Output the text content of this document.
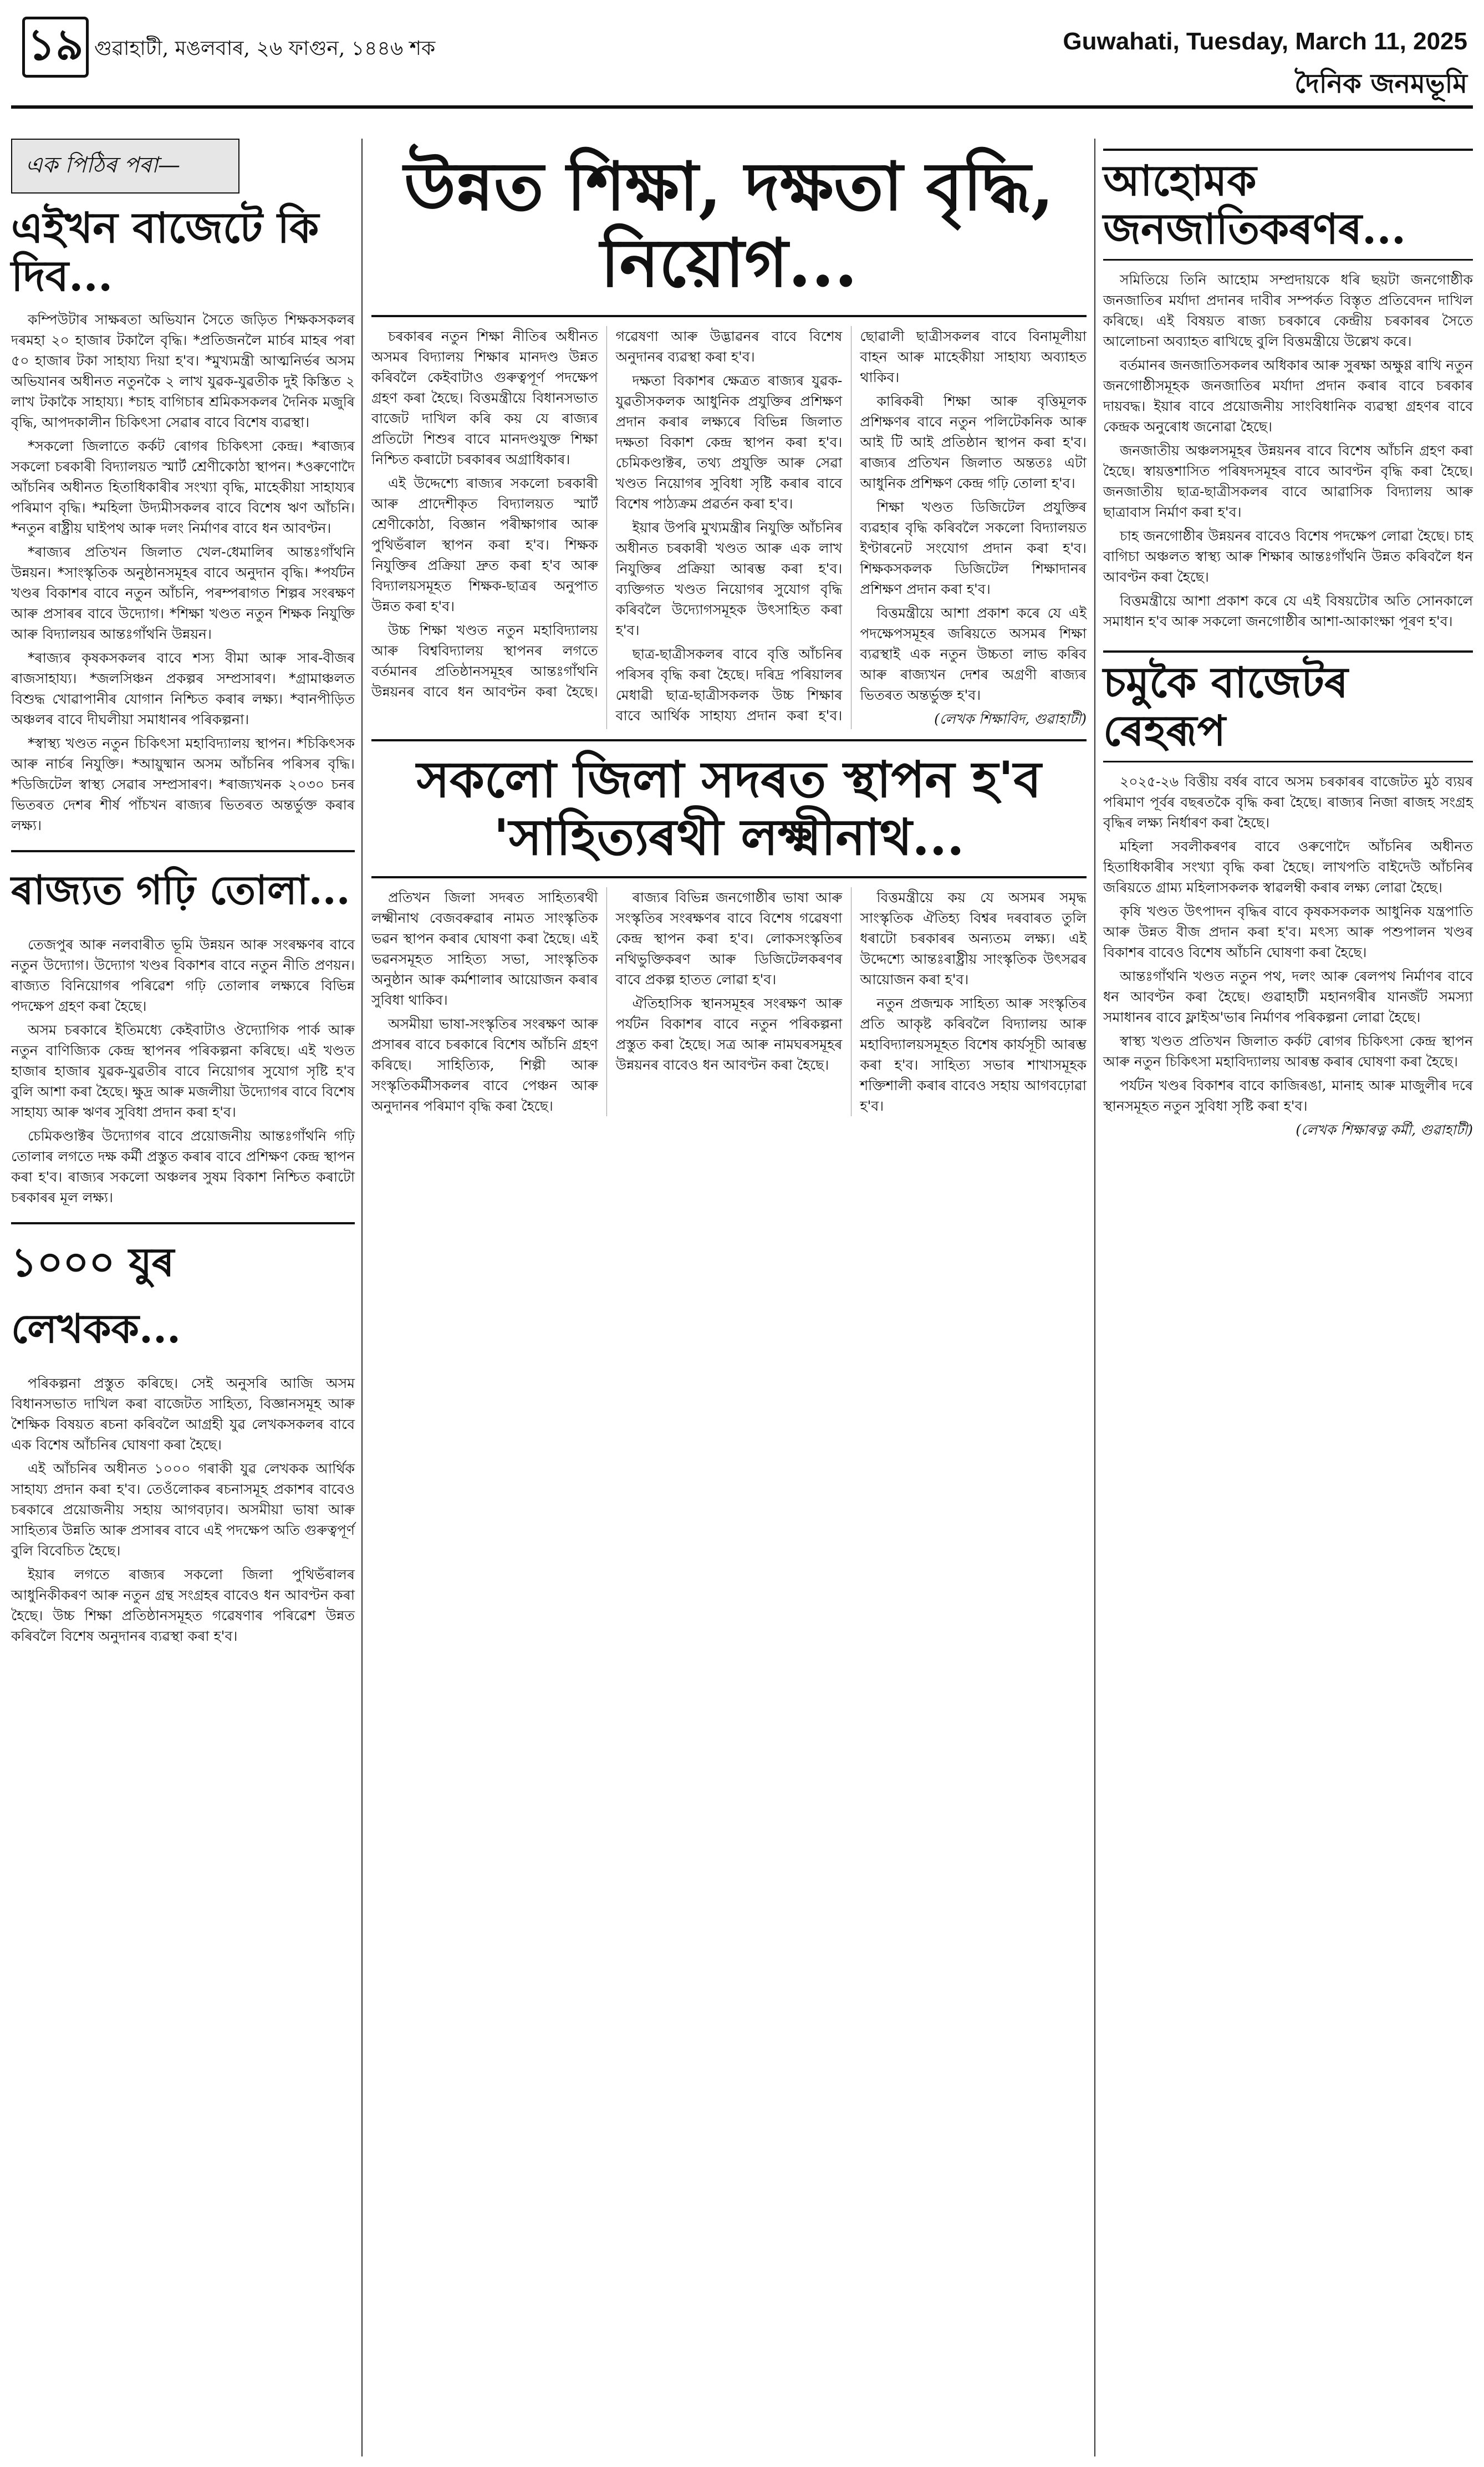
১৯ গুৱাহাটী, মঙলবাৰ, ২৬ ফাগুন, ১৪৪৬ শক	Guwahati, Tuesday, March 11, 2025
দৈনিক জনমভূমি
এক পিঠিৰ পৰা—
এইখন বাজেটে কি দিব...

কম্পিউটাৰ সাক্ষৰতা অভিযান সৈতে জড়িত শিক্ষকসকলৰ দৰমহা ২০ হাজাৰ টকালৈ বৃদ্ধি। *প্ৰতিজনলৈ মাৰ্চৰ মাহৰ পৰা ৫০ হাজাৰ টকা সাহায্য দিয়া হ'ব। *মুখ্যমন্ত্ৰী আত্মনিৰ্ভৰ অসম অভিযানৰ অধীনত নতুনকৈ ২ লাখ যুৱক-যুৱতীক দুই কিস্তিত ২ লাখ টকাকৈ সাহায্য। *চাহ বাগিচাৰ শ্ৰমিকসকলৰ দৈনিক মজুৰি বৃদ্ধি, আপদকালীন চিকিৎসা সেৱাৰ বাবে বিশেষ ব্যৱস্থা।

*সকলো জিলাতে কৰ্কট ৰোগৰ চিকিৎসা কেন্দ্ৰ। *ৰাজ্যৰ সকলো চৰকাৰী বিদ্যালয়ত স্মাৰ্ট শ্ৰেণীকোঠা স্থাপন। *ওৰুণোদৈ আঁচনিৰ অধীনত হিতাধিকাৰীৰ সংখ্যা বৃদ্ধি, মাহেকীয়া সাহায্যৰ পৰিমাণ বৃদ্ধি। *মহিলা উদ্যমীসকলৰ বাবে বিশেষ ঋণ আঁচনি। *নতুন ৰাষ্ট্ৰীয় ঘাইপথ আৰু দলং নিৰ্মাণৰ বাবে ধন আবণ্টন।

*ৰাজ্যৰ প্ৰতিখন জিলাত খেল-ধেমালিৰ আন্তঃগাঁথনি উন্নয়ন। *সাংস্কৃতিক অনুষ্ঠানসমূহৰ বাবে অনুদান বৃদ্ধি। *পৰ্যটন খণ্ডৰ বিকাশৰ বাবে নতুন আঁচনি, পৰম্পৰাগত শিল্পৰ সংৰক্ষণ আৰু প্ৰসাৰৰ বাবে উদ্যোগ। *শিক্ষা খণ্ডত নতুন শিক্ষক নিযুক্তি আৰু বিদ্যালয়ৰ আন্তঃগাঁথনি উন্নয়ন।

*ৰাজ্যৰ কৃষকসকলৰ বাবে শস্য বীমা আৰু সাৰ-বীজৰ ৰাজসাহায্য। *জলসিঞ্চন প্ৰকল্পৰ সম্প্ৰসাৰণ। *গ্ৰামাঞ্চলত বিশুদ্ধ খোৱাপানীৰ যোগান নিশ্চিত কৰাৰ লক্ষ্য। *বানপীড়িত অঞ্চলৰ বাবে দীঘলীয়া সমাধানৰ পৰিকল্পনা।

*স্বাস্থ্য খণ্ডত নতুন চিকিৎসা মহাবিদ্যালয় স্থাপন। *চিকিৎসক আৰু নাৰ্চৰ নিযুক্তি। *আয়ুষ্মান অসম আঁচনিৰ পৰিসৰ বৃদ্ধি। *ডিজিটেল স্বাস্থ্য সেৱাৰ সম্প্ৰসাৰণ। *ৰাজ্যখনক ২০৩০ চনৰ ভিতৰত দেশৰ শীৰ্ষ পাঁচখন ৰাজ্যৰ ভিতৰত অন্তৰ্ভুক্ত কৰাৰ লক্ষ্য।

ৰাজ্যত গঢ়ি তোলা...

তেজপুৰ আৰু নলবাৰীত ভূমি উন্নয়ন আৰু সংৰক্ষণৰ বাবে নতুন উদ্যোগ। উদ্যোগ খণ্ডৰ বিকাশৰ বাবে নতুন নীতি প্ৰণয়ন। ৰাজ্যত বিনিয়োগৰ পৰিৱেশ গঢ়ি তোলাৰ লক্ষ্যৰে বিভিন্ন পদক্ষেপ গ্ৰহণ কৰা হৈছে।

অসম চৰকাৰে ইতিমধ্যে কেইবাটাও ঔদ্যোগিক পাৰ্ক আৰু নতুন বাণিজ্যিক কেন্দ্ৰ স্থাপনৰ পৰিকল্পনা কৰিছে। এই খণ্ডত হাজাৰ হাজাৰ যুৱক-যুৱতীৰ বাবে নিয়োগৰ সুযোগ সৃষ্টি হ'ব বুলি আশা কৰা হৈছে। ক্ষুদ্ৰ আৰু মজলীয়া উদ্যোগৰ বাবে বিশেষ সাহায্য আৰু ঋণৰ সুবিধা প্ৰদান কৰা হ'ব।

চেমিকণ্ডাক্টৰ উদ্যোগৰ বাবে প্ৰয়োজনীয় আন্তঃগাঁথনি গঢ়ি তোলাৰ লগতে দক্ষ কৰ্মী প্ৰস্তুত কৰাৰ বাবে প্ৰশিক্ষণ কেন্দ্ৰ স্থাপন কৰা হ'ব। ৰাজ্যৰ সকলো অঞ্চলৰ সুষম বিকাশ নিশ্চিত কৰাটো চৰকাৰৰ মূল লক্ষ্য।

১০০০ যুৰ লেখকক...

পৰিকল্পনা প্ৰস্তুত কৰিছে। সেই অনুসৰি আজি অসম বিধানসভাত দাখিল কৰা বাজেটত সাহিত্য, বিজ্ঞানসমূহ আৰু শৈক্ষিক বিষয়ত ৰচনা কৰিবলৈ আগ্ৰহী যুৱ লেখকসকলৰ বাবে এক বিশেষ আঁচনিৰ ঘোষণা কৰা হৈছে।

এই আঁচনিৰ অধীনত ১০০০ গৰাকী যুৱ লেখকক আৰ্থিক সাহায্য প্ৰদান কৰা হ'ব। তেওঁলোকৰ ৰচনাসমূহ প্ৰকাশৰ বাবেও চৰকাৰে প্ৰয়োজনীয় সহায় আগবঢ়াব। অসমীয়া ভাষা আৰু সাহিত্যৰ উন্নতি আৰু প্ৰসাৰৰ বাবে এই পদক্ষেপ অতি গুৰুত্বপূৰ্ণ বুলি বিবেচিত হৈছে।

ইয়াৰ লগতে ৰাজ্যৰ সকলো জিলা পুথিভঁৰালৰ আধুনিকীকৰণ আৰু নতুন গ্ৰন্থ সংগ্ৰহৰ বাবেও ধন আবণ্টন কৰা হৈছে। উচ্চ শিক্ষা প্ৰতিষ্ঠানসমূহত গৱেষণাৰ পৰিৱেশ উন্নত কৰিবলৈ বিশেষ অনুদানৰ ব্যৱস্থা কৰা হ'ব।

উন্নত শিক্ষা, দক্ষতা বৃদ্ধি, নিয়োগ...

চৰকাৰৰ নতুন শিক্ষা নীতিৰ অধীনত অসমৰ বিদ্যালয় শিক্ষাৰ মানদণ্ড উন্নত কৰিবলৈ কেইবাটাও গুৰুত্বপূৰ্ণ পদক্ষেপ গ্ৰহণ কৰা হৈছে। বিত্তমন্ত্ৰীয়ে বিধানসভাত বাজেট দাখিল কৰি কয় যে ৰাজ্যৰ প্ৰতিটো শিশুৰ বাবে মানদণ্ডযুক্ত শিক্ষা নিশ্চিত কৰাটো চৰকাৰৰ অগ্ৰাধিকাৰ।

এই উদ্দেশ্যে ৰাজ্যৰ সকলো চৰকাৰী আৰু প্ৰাদেশীকৃত বিদ্যালয়ত স্মাৰ্ট শ্ৰেণীকোঠা, বিজ্ঞান পৰীক্ষাগাৰ আৰু পুথিভঁৰাল স্থাপন কৰা হ'ব। শিক্ষক নিযুক্তিৰ প্ৰক্ৰিয়া দ্ৰুত কৰা হ'ব আৰু বিদ্যালয়সমূহত শিক্ষক-ছাত্ৰৰ অনুপাত উন্নত কৰা হ'ব।

উচ্চ শিক্ষা খণ্ডত নতুন মহাবিদ্যালয় আৰু বিশ্ববিদ্যালয় স্থাপনৰ লগতে বৰ্তমানৰ প্ৰতিষ্ঠানসমূহৰ আন্তঃগাঁথনি উন্নয়নৰ বাবে ধন আবণ্টন কৰা হৈছে। গৱেষণা আৰু উদ্ভাৱনৰ বাবে বিশেষ অনুদানৰ ব্যৱস্থা কৰা হ'ব।

দক্ষতা বিকাশৰ ক্ষেত্ৰত ৰাজ্যৰ যুৱক-যুৱতীসকলক আধুনিক প্ৰযুক্তিৰ প্ৰশিক্ষণ প্ৰদান কৰাৰ লক্ষ্যৰে বিভিন্ন জিলাত দক্ষতা বিকাশ কেন্দ্ৰ স্থাপন কৰা হ'ব। চেমিকণ্ডাক্টৰ, তথ্য প্ৰযুক্তি আৰু সেৱা খণ্ডত নিয়োগৰ সুবিধা সৃষ্টি কৰাৰ বাবে বিশেষ পাঠ্যক্ৰম প্ৰৱৰ্তন কৰা হ'ব।

ইয়াৰ উপৰি মুখ্যমন্ত্ৰীৰ নিযুক্তি আঁচনিৰ অধীনত চৰকাৰী খণ্ডত আৰু এক লাখ নিযুক্তিৰ প্ৰক্ৰিয়া আৰম্ভ কৰা হ'ব। ব্যক্তিগত খণ্ডত নিয়োগৰ সুযোগ বৃদ্ধি কৰিবলৈ উদ্যোগসমূহক উৎসাহিত কৰা হ'ব।

ছাত্ৰ-ছাত্ৰীসকলৰ বাবে বৃত্তি আঁচনিৰ পৰিসৰ বৃদ্ধি কৰা হৈছে। দৰিদ্ৰ পৰিয়ালৰ মেধাৱী ছাত্ৰ-ছাত্ৰীসকলক উচ্চ শিক্ষাৰ বাবে আৰ্থিক সাহায্য প্ৰদান কৰা হ'ব। ছোৱালী ছাত্ৰীসকলৰ বাবে বিনামূলীয়া বাহন আৰু মাহেকীয়া সাহায্য অব্যাহত থাকিব।

কাৰিকৰী শিক্ষা আৰু বৃত্তিমূলক প্ৰশিক্ষণৰ বাবে নতুন পলিটেকনিক আৰু আই টি আই প্ৰতিষ্ঠান স্থাপন কৰা হ'ব। ৰাজ্যৰ প্ৰতিখন জিলাত অন্ততঃ এটা আধুনিক প্ৰশিক্ষণ কেন্দ্ৰ গঢ়ি তোলা হ'ব।

শিক্ষা খণ্ডত ডিজিটেল প্ৰযুক্তিৰ ব্যৱহাৰ বৃদ্ধি কৰিবলৈ সকলো বিদ্যালয়ত ইণ্টাৰনেট সংযোগ প্ৰদান কৰা হ'ব। শিক্ষকসকলক ডিজিটেল শিক্ষাদানৰ প্ৰশিক্ষণ প্ৰদান কৰা হ'ব।

বিত্তমন্ত্ৰীয়ে আশা প্ৰকাশ কৰে যে এই পদক্ষেপসমূহৰ জৰিয়তে অসমৰ শিক্ষা ব্যৱস্থাই এক নতুন উচ্চতা লাভ কৰিব আৰু ৰাজ্যখন দেশৰ অগ্ৰণী ৰাজ্যৰ ভিতৰত অন্তৰ্ভুক্ত হ'ব।

(লেখক শিক্ষাবিদ, গুৱাহাটী)
সকলো জিলা সদৰত স্থাপন হ'ব 'সাহিত্যৰথী লক্ষ্মীনাথ...

প্ৰতিখন জিলা সদৰত সাহিত্যৰথী লক্ষ্মীনাথ বেজবৰুৱাৰ নামত সাংস্কৃতিক ভৱন স্থাপন কৰাৰ ঘোষণা কৰা হৈছে। এই ভৱনসমূহত সাহিত্য সভা, সাংস্কৃতিক অনুষ্ঠান আৰু কৰ্মশালাৰ আয়োজন কৰাৰ সুবিধা থাকিব।

অসমীয়া ভাষা-সংস্কৃতিৰ সংৰক্ষণ আৰু প্ৰসাৰৰ বাবে চৰকাৰে বিশেষ আঁচনি গ্ৰহণ কৰিছে। সাহিত্যিক, শিল্পী আৰু সংস্কৃতিকৰ্মীসকলৰ বাবে পেঞ্চন আৰু অনুদানৰ পৰিমাণ বৃদ্ধি কৰা হৈছে।

ৰাজ্যৰ বিভিন্ন জনগোষ্ঠীৰ ভাষা আৰু সংস্কৃতিৰ সংৰক্ষণৰ বাবে বিশেষ গৱেষণা কেন্দ্ৰ স্থাপন কৰা হ'ব। লোকসংস্কৃতিৰ নথিভুক্তিকৰণ আৰু ডিজিটেলকৰণৰ বাবে প্ৰকল্প হাতত লোৱা হ'ব।

ঐতিহাসিক স্থানসমূহৰ সংৰক্ষণ আৰু পৰ্যটন বিকাশৰ বাবে নতুন পৰিকল্পনা প্ৰস্তুত কৰা হৈছে। সত্ৰ আৰু নামঘৰসমূহৰ উন্নয়নৰ বাবেও ধন আবণ্টন কৰা হৈছে।

বিত্তমন্ত্ৰীয়ে কয় যে অসমৰ সমৃদ্ধ সাংস্কৃতিক ঐতিহ্য বিশ্বৰ দৰবাৰত তুলি ধৰাটো চৰকাৰৰ অন্যতম লক্ষ্য। এই উদ্দেশ্যে আন্তঃৰাষ্ট্ৰীয় সাংস্কৃতিক উৎসৱৰ আয়োজন কৰা হ'ব।

নতুন প্ৰজন্মক সাহিত্য আৰু সংস্কৃতিৰ প্ৰতি আকৃষ্ট কৰিবলৈ বিদ্যালয় আৰু মহাবিদ্যালয়সমূহত বিশেষ কাৰ্যসূচী আৰম্ভ কৰা হ'ব। সাহিত্য সভাৰ শাখাসমূহক শক্তিশালী কৰাৰ বাবেও সহায় আগবঢ়োৱা হ'ব।

আহোমক জনজাতিকৰণৰ...

সমিতিয়ে তিনি আহোম সম্প্ৰদায়কে ধৰি ছয়টা জনগোষ্ঠীক জনজাতিৰ মৰ্যাদা প্ৰদানৰ দাবীৰ সম্পৰ্কত বিস্তৃত প্ৰতিবেদন দাখিল কৰিছে। এই বিষয়ত ৰাজ্য চৰকাৰে কেন্দ্ৰীয় চৰকাৰৰ সৈতে আলোচনা অব্যাহত ৰাখিছে বুলি বিত্তমন্ত্ৰীয়ে উল্লেখ কৰে।

বৰ্তমানৰ জনজাতিসকলৰ অধিকাৰ আৰু সুৰক্ষা অক্ষুণ্ণ ৰাখি নতুন জনগোষ্ঠীসমূহক জনজাতিৰ মৰ্যাদা প্ৰদান কৰাৰ বাবে চৰকাৰ দায়বদ্ধ। ইয়াৰ বাবে প্ৰয়োজনীয় সাংবিধানিক ব্যৱস্থা গ্ৰহণৰ বাবে কেন্দ্ৰক অনুৰোধ জনোৱা হৈছে।

জনজাতীয় অঞ্চলসমূহৰ উন্নয়নৰ বাবে বিশেষ আঁচনি গ্ৰহণ কৰা হৈছে। স্বায়ত্তশাসিত পৰিষদসমূহৰ বাবে আবণ্টন বৃদ্ধি কৰা হৈছে। জনজাতীয় ছাত্ৰ-ছাত্ৰীসকলৰ বাবে আৱাসিক বিদ্যালয় আৰু ছাত্ৰাবাস নিৰ্মাণ কৰা হ'ব।

চাহ জনগোষ্ঠীৰ উন্নয়নৰ বাবেও বিশেষ পদক্ষেপ লোৱা হৈছে। চাহ বাগিচা অঞ্চলত স্বাস্থ্য আৰু শিক্ষাৰ আন্তঃগাঁথনি উন্নত কৰিবলৈ ধন আবণ্টন কৰা হৈছে।

বিত্তমন্ত্ৰীয়ে আশা প্ৰকাশ কৰে যে এই বিষয়টোৰ অতি সোনকালে সমাধান হ'ব আৰু সকলো জনগোষ্ঠীৰ আশা-আকাংক্ষা পূৰণ হ'ব।

চমুকৈ বাজেটৰ ৰেহৰূপ

২০২৫-২৬ বিত্তীয় বৰ্ষৰ বাবে অসম চৰকাৰৰ বাজেটত মুঠ ব্যয়ৰ পৰিমাণ পূৰ্বৰ বছৰতকৈ বৃদ্ধি কৰা হৈছে। ৰাজ্যৰ নিজা ৰাজহ সংগ্ৰহ বৃদ্ধিৰ লক্ষ্য নিৰ্ধাৰণ কৰা হৈছে।

মহিলা সবলীকৰণৰ বাবে ওৰুণোদৈ আঁচনিৰ অধীনত হিতাধিকাৰীৰ সংখ্যা বৃদ্ধি কৰা হৈছে। লাখপতি বাইদেউ আঁচনিৰ জৰিয়তে গ্ৰাম্য মহিলাসকলক স্বাৱলম্বী কৰাৰ লক্ষ্য লোৱা হৈছে।

কৃষি খণ্ডত উৎপাদন বৃদ্ধিৰ বাবে কৃষকসকলক আধুনিক যন্ত্ৰপাতি আৰু উন্নত বীজ প্ৰদান কৰা হ'ব। মৎস্য আৰু পশুপালন খণ্ডৰ বিকাশৰ বাবেও বিশেষ আঁচনি ঘোষণা কৰা হৈছে।

আন্তঃগাঁথনি খণ্ডত নতুন পথ, দলং আৰু ৰেলপথ নিৰ্মাণৰ বাবে ধন আবণ্টন কৰা হৈছে। গুৱাহাটী মহানগৰীৰ যানজঁট সমস্যা সমাধানৰ বাবে ফ্লাইঅ'ভাৰ নিৰ্মাণৰ পৰিকল্পনা লোৱা হৈছে।

স্বাস্থ্য খণ্ডত প্ৰতিখন জিলাত কৰ্কট ৰোগৰ চিকিৎসা কেন্দ্ৰ স্থাপন আৰু নতুন চিকিৎসা মহাবিদ্যালয় আৰম্ভ কৰাৰ ঘোষণা কৰা হৈছে।

পৰ্যটন খণ্ডৰ বিকাশৰ বাবে কাজিৰঙা, মানাহ আৰু মাজুলীৰ দৰে স্থানসমূহত নতুন সুবিধা সৃষ্টি কৰা হ'ব।

(লেখক শিক্ষাৰত্ন কৰ্মী, গুৱাহাটী)
